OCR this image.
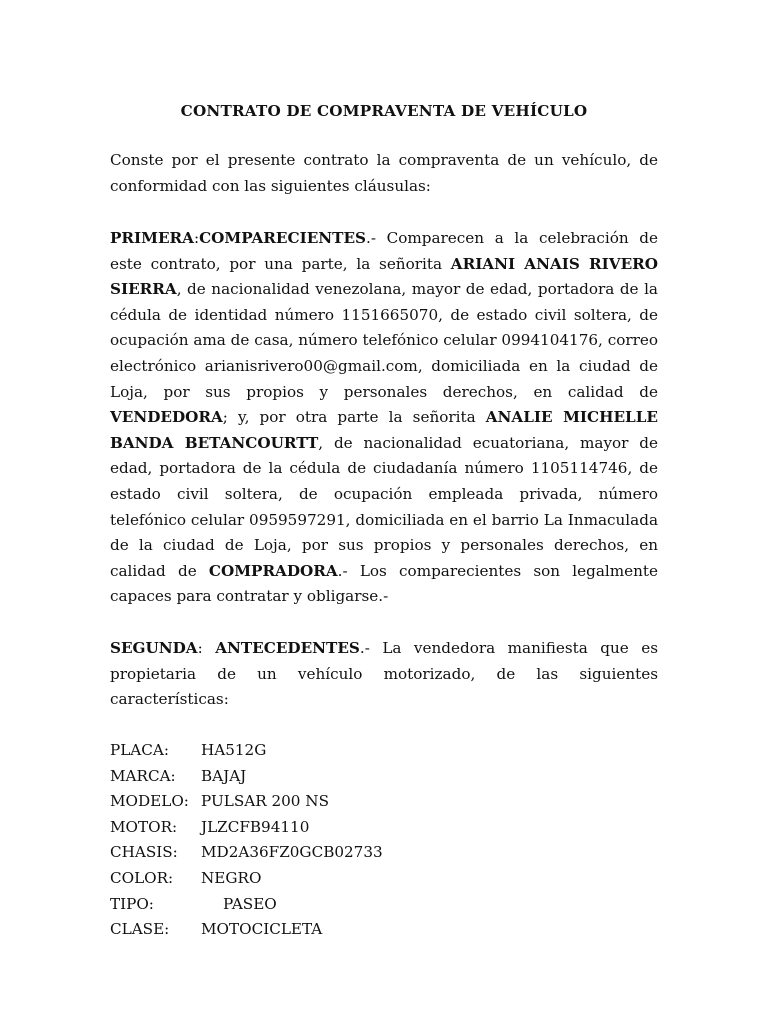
CONTRATO DE COMPRAVENTA DE VEHÍCULO

Conste por el presente contrato la compraventa de un vehículo, de conformidad con las siguientes cláusulas:

PRIMERA:COMPARECIENTES.- Comparecen a la celebración de este contrato, por una parte, la señorita ARIANI ANAIS RIVERO SIERRA, de nacionalidad venezolana, mayor de edad, portadora de la cédula de identidad número 1151665070, de estado civil soltera, de ocupación ama de casa, número telefónico celular 0994104176, correo electrónico arianisrivero00@gmail.com, domiciliada en la ciudad de Loja, por sus propios y personales derechos, en calidad de VENDEDORA; y, por otra parte la señorita ANALIE MICHELLE BANDA BETANCOURTT, de nacionalidad ecuatoriana, mayor de edad, portadora de la cédula de ciudadanía número 1105114746, de estado civil soltera, de ocupación empleada privada, número telefónico celular 0959597291, domiciliada en el barrio La Inmaculada de la ciudad de Loja, por sus propios y personales derechos, en calidad de COMPRADORA.- Los comparecientes son legalmente capaces para contratar y obligarse.-

SEGUNDA: ANTECEDENTES.- La vendedora manifiesta que es propietaria de un vehículo motorizado, de las siguientes características:

PLACA: HA512G
MARCA: BAJAJ
MODELO: PULSAR 200 NS
MOTOR: JLZCFB94110
CHASIS: MD2A36FZ0GCB02733
COLOR: NEGRO
TIPO:	PASEO
CLASE: MOTOCICLETA
